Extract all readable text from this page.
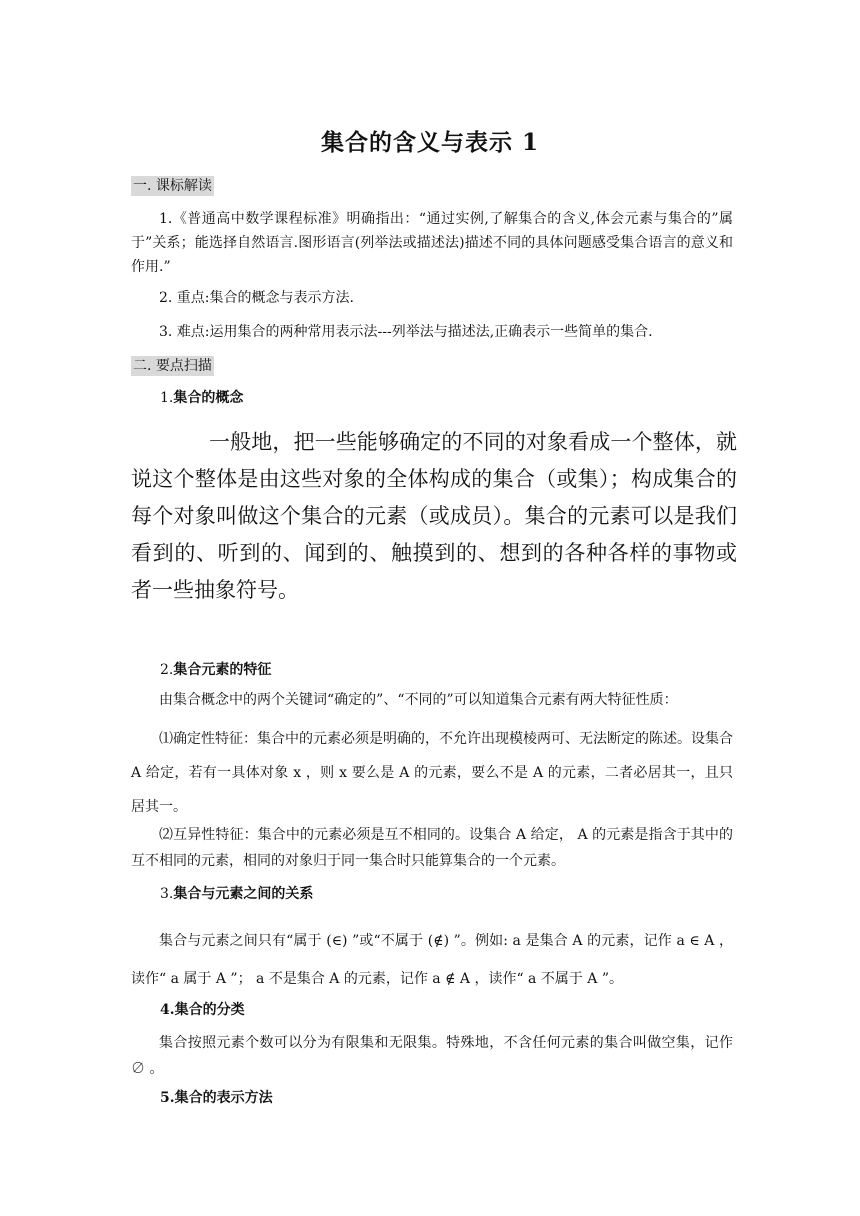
集合的含义与表示 1
一. 课标解读
1.《普通高中数学课程标准》明确指出：“通过实例,了解集合的含义,体会元素与集合的”属于”关系；能选择自然语言.图形语言(列举法或描述法)描述不同的具体问题感受集合语言的意义和作用.”
2. 重点:集合的概念与表示方法.
3. 难点:运用集合的两种常用表示法---列举法与描述法,正确表示一些简单的集合.
二. 要点扫描
1.集合的概念
一般地，把一些能够确定的不同的对象看成一个整体，就说这个整体是由这些对象的全体构成的集合（或集）；构成集合的每个对象叫做这个集合的元素（或成员）。集合的元素可以是我们看到的、听到的、闻到的、触摸到的、想到的各种各样的事物或者一些抽象符号。
2.集合元素的特征
由集合概念中的两个关键词“确定的”、“不同的”可以知道集合元素有两大特征性质：
⑴确定性特征：集合中的元素必须是明确的，不允许出现模棱两可、无法断定的陈述。设集合 A 给定，若有一具体对象 x ，则 x 要么是 A 的元素，要么不是 A 的元素，二者必居其一，且只居其一。
⑵互异性特征：集合中的元素必须是互不相同的。设集合 A 给定， A 的元素是指含于其中的互不相同的元素，相同的对象归于同一集合时只能算集合的一个元素。
3.集合与元素之间的关系
集合与元素之间只有“属于 (∈) ”或“不属于 (∉) ”。例如: a 是集合 A 的元素，记作 a ∈ A ，读作“ a 属于 A ”； a 不是集合 A 的元素，记作 a ∉ A ，读作“ a 不属于 A ”。
4.集合的分类
集合按照元素个数可以分为有限集和无限集。特殊地，不含任何元素的集合叫做空集，记作 ∅ 。
5.集合的表示方法
